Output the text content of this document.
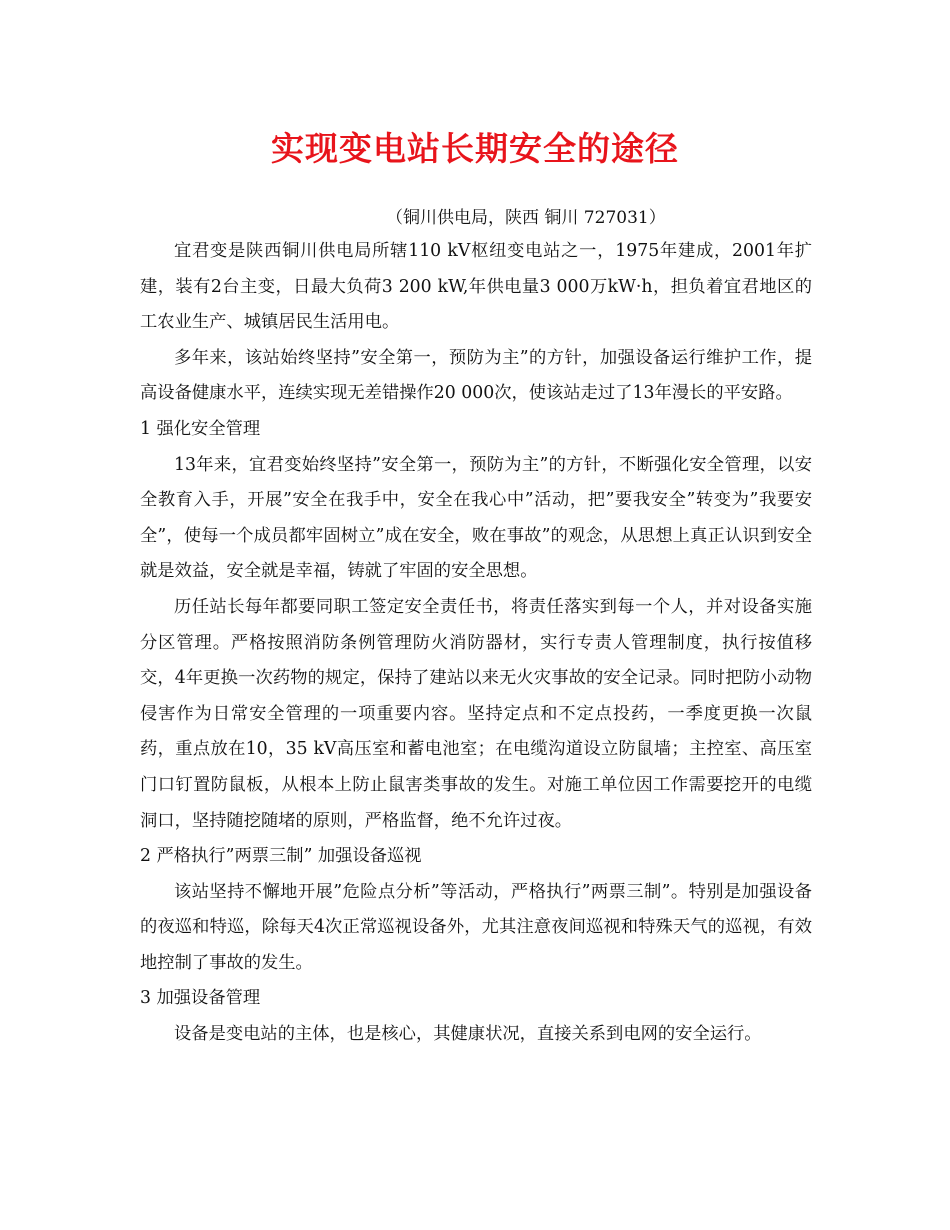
实现变电站长期安全的途径
（铜川供电局，陕西 铜川 727031）

宜君变是陕西铜川供电局所辖110 kV枢纽变电站之一，1975年建成，2001年扩建，装有2台主变，日最大负荷3 200 kW,年供电量3 000万kW·h，担负着宜君地区的工农业生产、城镇居民生活用电。

多年来，该站始终坚持”安全第一，预防为主”的方针，加强设备运行维护工作，提高设备健康水平，连续实现无差错操作20 000次，使该站走过了13年漫长的平安路。

1 强化安全管理

13年来，宜君变始终坚持”安全第一，预防为主”的方针，不断强化安全管理，以安全教育入手，开展”安全在我手中，安全在我心中”活动，把”要我安全”转变为”我要安全”，使每一个成员都牢固树立”成在安全，败在事故”的观念，从思想上真正认识到安全就是效益，安全就是幸福，铸就了牢固的安全思想。

历任站长每年都要同职工签定安全责任书，将责任落实到每一个人，并对设备实施分区管理。严格按照消防条例管理防火消防器材，实行专责人管理制度，执行按值移交，4年更换一次药物的规定，保持了建站以来无火灾事故的安全记录。同时把防小动物侵害作为日常安全管理的一项重要内容。坚持定点和不定点投药，一季度更换一次鼠药，重点放在10，35 kV高压室和蓄电池室；在电缆沟道设立防鼠墙；主控室、高压室门口钉置防鼠板，从根本上防止鼠害类事故的发生。对施工单位因工作需要挖开的电缆洞口，坚持随挖随堵的原则，严格监督，绝不允许过夜。

2 严格执行”两票三制” 加强设备巡视

该站坚持不懈地开展”危险点分析”等活动，严格执行”两票三制”。特别是加强设备的夜巡和特巡，除每天4次正常巡视设备外，尤其注意夜间巡视和特殊天气的巡视，有效地控制了事故的发生。

3 加强设备管理

设备是变电站的主体，也是核心，其健康状况，直接关系到电网的安全运行。
